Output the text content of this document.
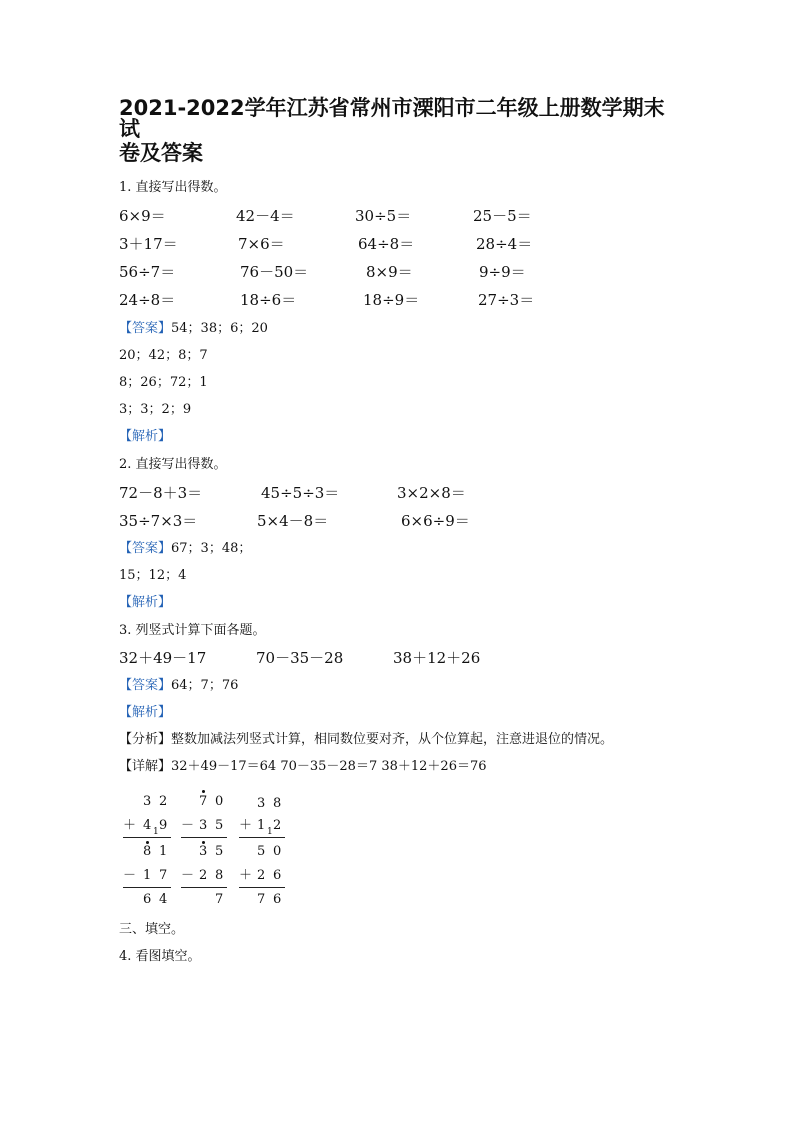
2021-2022学年江苏省常州市溧阳市二年级上册数学期末试
卷及答案
1. 直接写出得数。
6×9＝	42－4＝	30÷5＝	25－5＝
3＋17＝	7×6＝	64÷8＝	28÷4＝
56÷7＝	76－50＝	8×9＝	9÷9＝
24÷8＝	18÷6＝	18÷9＝	27÷3＝
【答案】54；38；6；20
20；42；8；7
8；26；72；1
3；3；2；9
【解析】
2. 直接写出得数。
72－8＋3＝	45÷5÷3＝	3×2×8＝
35÷7×3＝	5×4－8＝	6×6÷9＝
【答案】67；3；48；
15；12；4
【解析】
3. 列竖式计算下面各题。
32＋49－17	70－35－28	38＋12＋26
【答案】64；7；76
【解析】
【分析】整数加减法列竖式计算，相同数位要对齐，从个位算起，注意进退位的情况。
【详解】32＋49－17＝64 70－35－28＝7 38＋12＋26＝76
3 2
＋ 4 1 9
8 1
－ 1 7
6 4
7 0
－ 3 5
3 5
－ 2 8
7
3 8
＋ 1 1 2
5 0
＋ 2 6
7 6
三、填空。
4. 看图填空。
